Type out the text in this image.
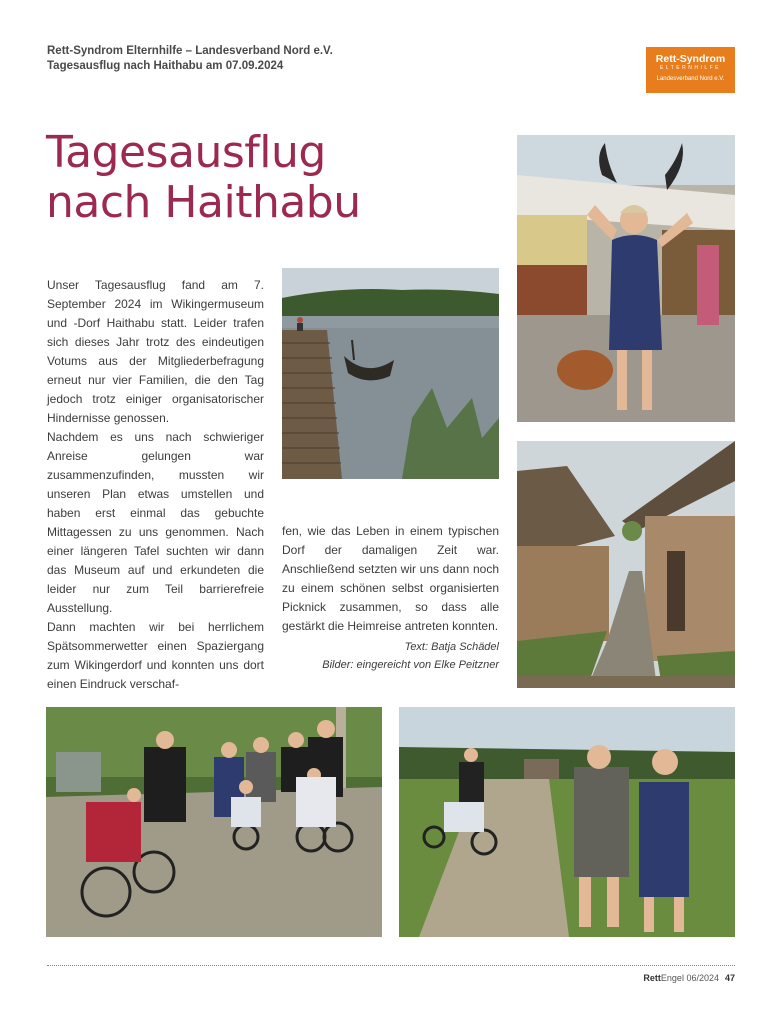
Rett-Syndrom Elternhilfe – Landesverband Nord e.V.
Tagesausflug nach Haithabu am 07.09.2024
Rett-Syndrom
ELTERNHILFE
Landesverband Nord e.V.
Tagesausflug
nach Haithabu

Unser Tagesausflug fand am 7. September 2024 im Wikingermuseum und -Dorf Haithabu statt. Leider trafen sich dieses Jahr trotz des eindeutigen Votums aus der Mitgliederbefragung erneut nur vier Familien, die den Tag jedoch trotz einiger organisatorischer Hindernisse genossen.

Nachdem es uns nach schwieriger Anreise gelungen war zusammenzufinden, mussten wir unseren Plan etwas umstellen und haben erst einmal das gebuchte Mittagessen zu uns genommen. Nach einer längeren Tafel suchten wir dann das Museum auf und erkundeten die leider nur zum Teil barrierefreie Ausstellung.

Dann machten wir bei herrlichem Spätsommerwetter einen Spaziergang zum Wikingerdorf und konnten uns dort einen Eindruck verschaf-

fen, wie das Leben in einem typischen Dorf der damaligen Zeit war. Anschließend setzten wir uns dann noch zu einem schönen selbst organisierten Picknick zusammen, so dass alle gestärkt die Heimreise antreten konnten.

Text: Batja Schädel
Bilder: eingereicht von Elke Peitzner
RettEngel 06/2024 47
